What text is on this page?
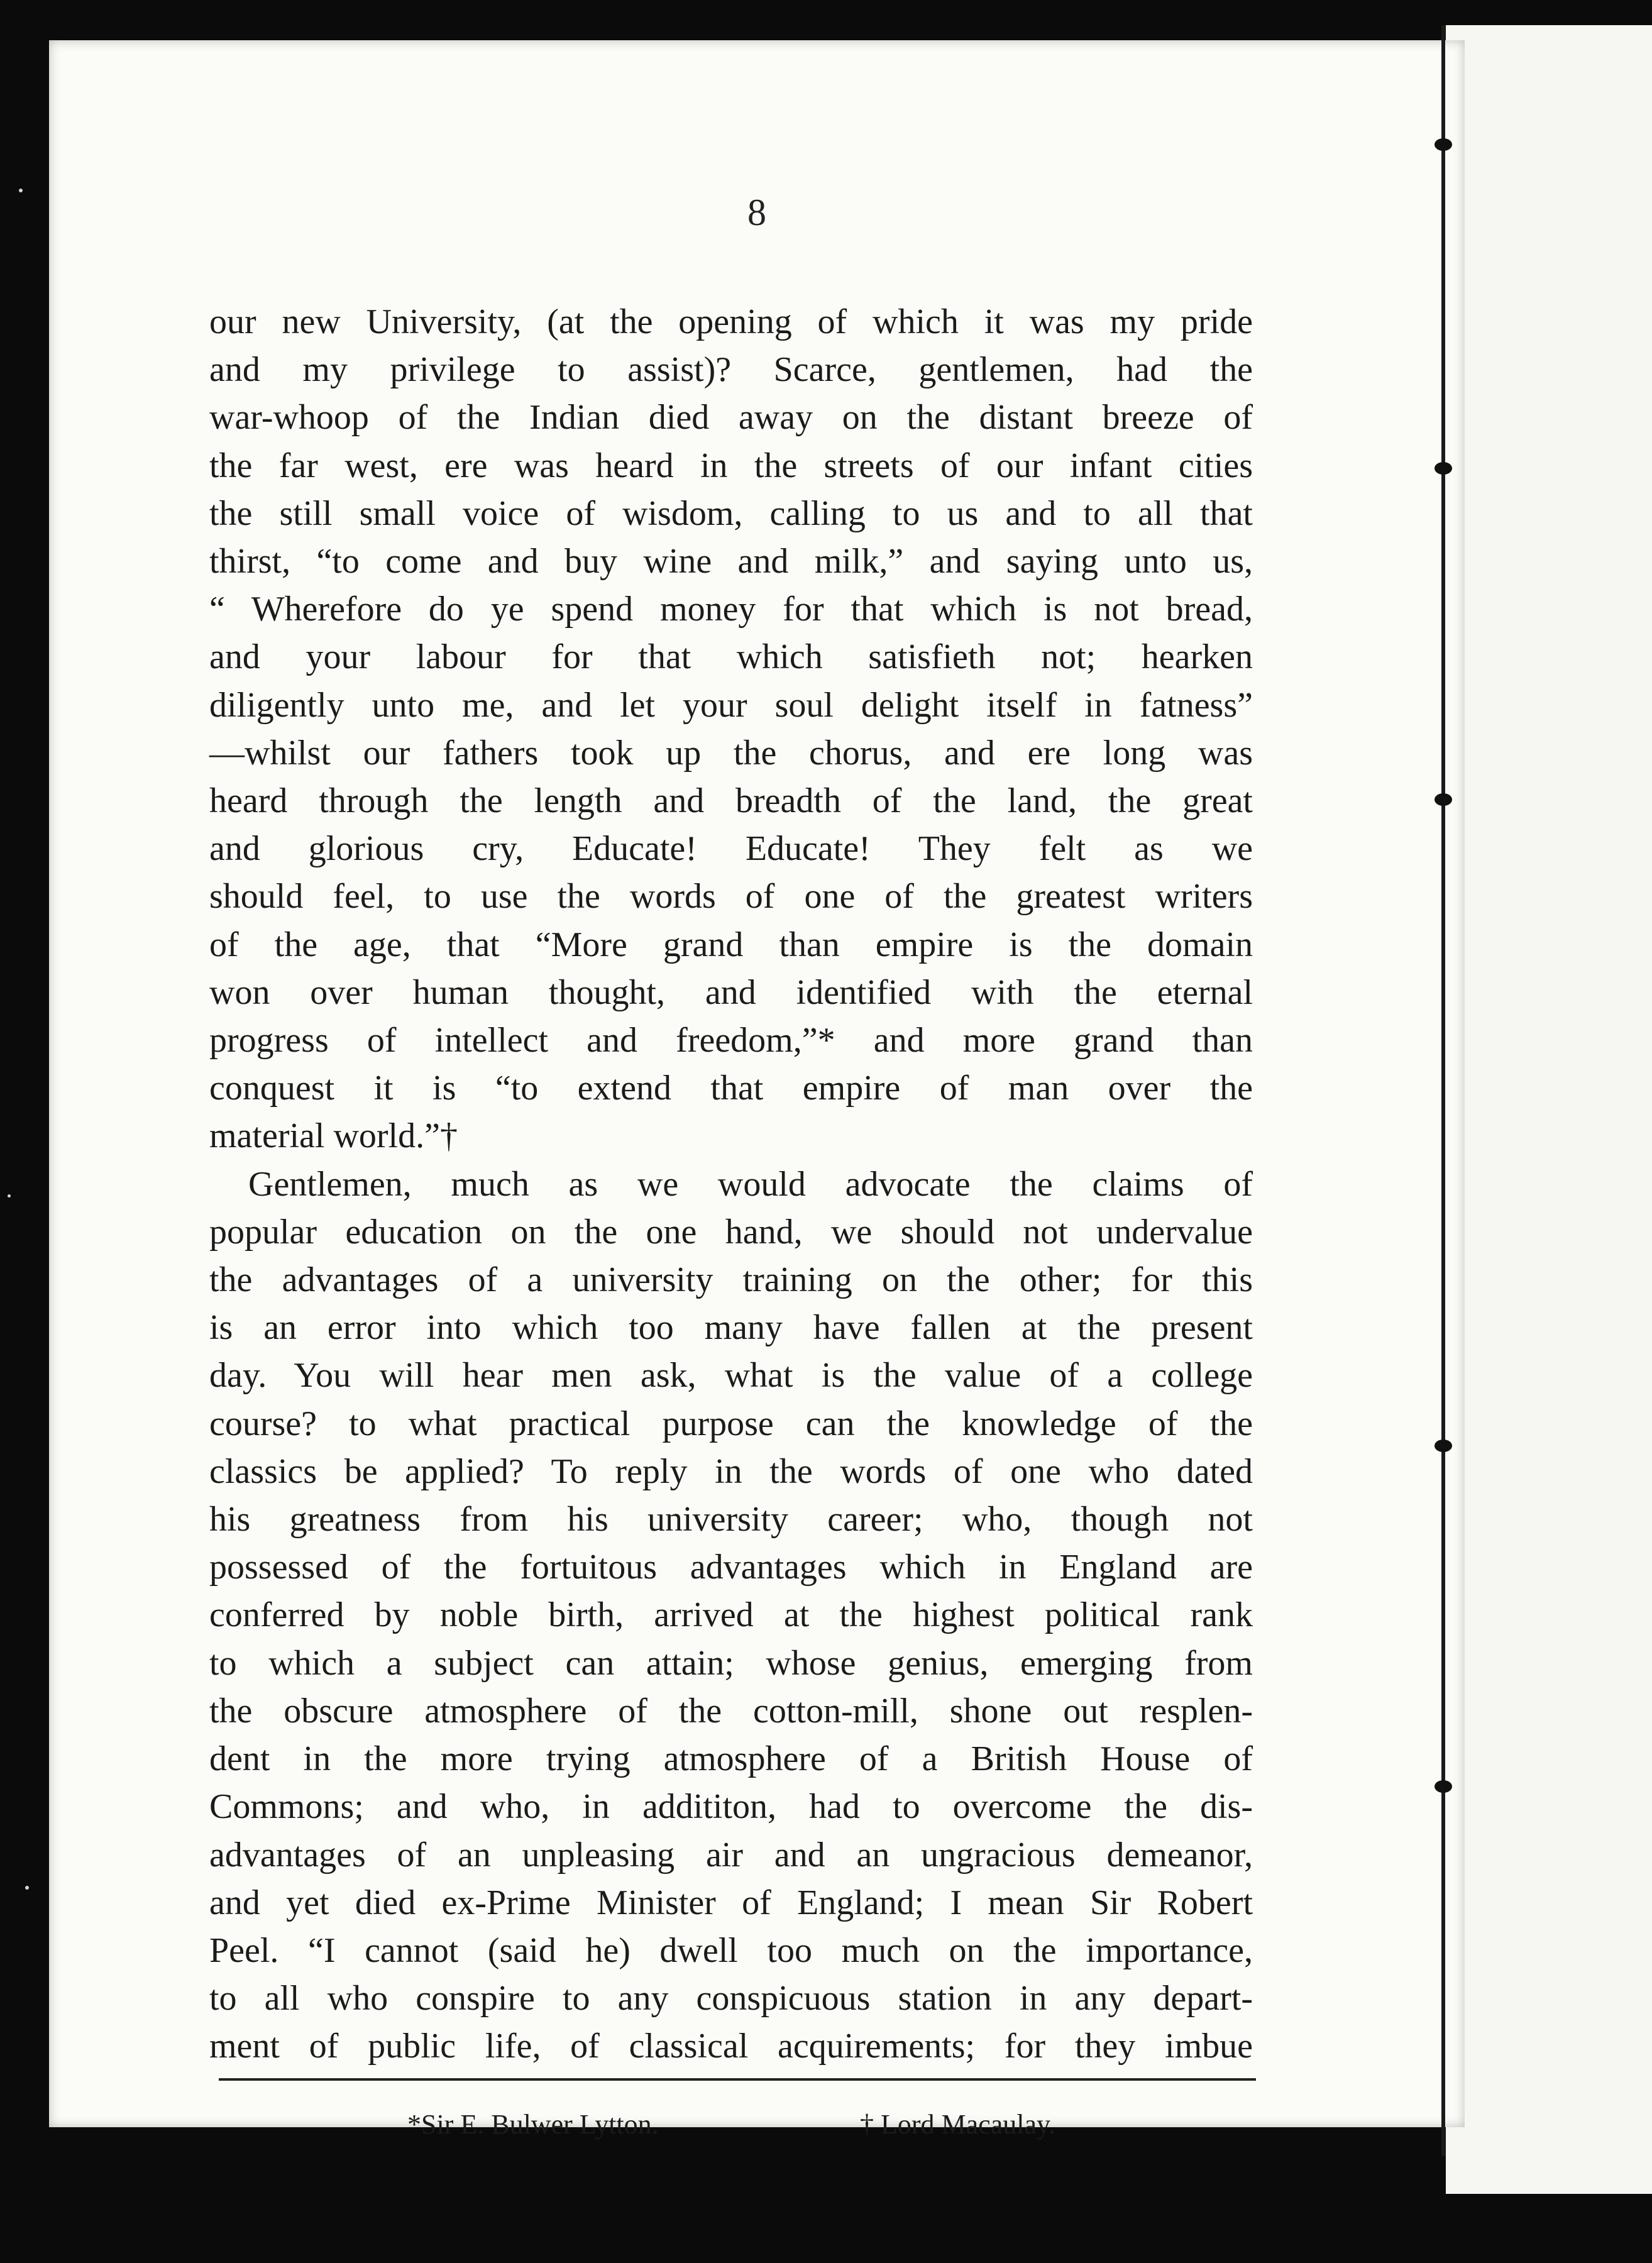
8
our new University, (at the opening of which it was my pride
and my privilege to assist)? Scarce, gentlemen, had the
war-whoop of the Indian died away on the distant breeze of
the far west, ere was heard in the streets of our infant cities
the still small voice of wisdom, calling to us and to all that
thirst, “to come and buy wine and milk,” and saying unto us,
“ Wherefore do ye spend money for that which is not bread,
and your labour for that which satisfieth not; hearken
diligently unto me, and let your soul delight itself in fatness”
—whilst our fathers took up the chorus, and ere long was
heard through the length and breadth of the land, the great
and glorious cry, Educate! Educate! They felt as we
should feel, to use the words of one of the greatest writers
of the age, that “More grand than empire is the domain
won over human thought, and identified with the eternal
progress of intellect and freedom,”* and more grand than
conquest it is “to extend that empire of man over the
material world.”†
Gentlemen, much as we would advocate the claims of
popular education on the one hand, we should not undervalue
the advantages of a university training on the other; for this
is an error into which too many have fallen at the present
day. You will hear men ask, what is the value of a college
course? to what practical purpose can the knowledge of the
classics be applied? To reply in the words of one who dated
his greatness from his university career; who, though not
possessed of the fortuitous advantages which in England are
conferred by noble birth, arrived at the highest political rank
to which a subject can attain; whose genius, emerging from
the obscure atmosphere of the cotton-mill, shone out resplen-
dent in the more trying atmosphere of a British House of
Commons; and who, in addititon, had to overcome the dis-
advantages of an unpleasing air and an ungracious demeanor,
and yet died ex-Prime Minister of England; I mean Sir Robert
Peel. “I cannot (said he) dwell too much on the importance,
to all who conspire to any conspicuous station in any depart-
ment of public life, of classical acquirements; for they imbue
*Sir E. Bulwer Lytton.	† Lord Macaulay.
